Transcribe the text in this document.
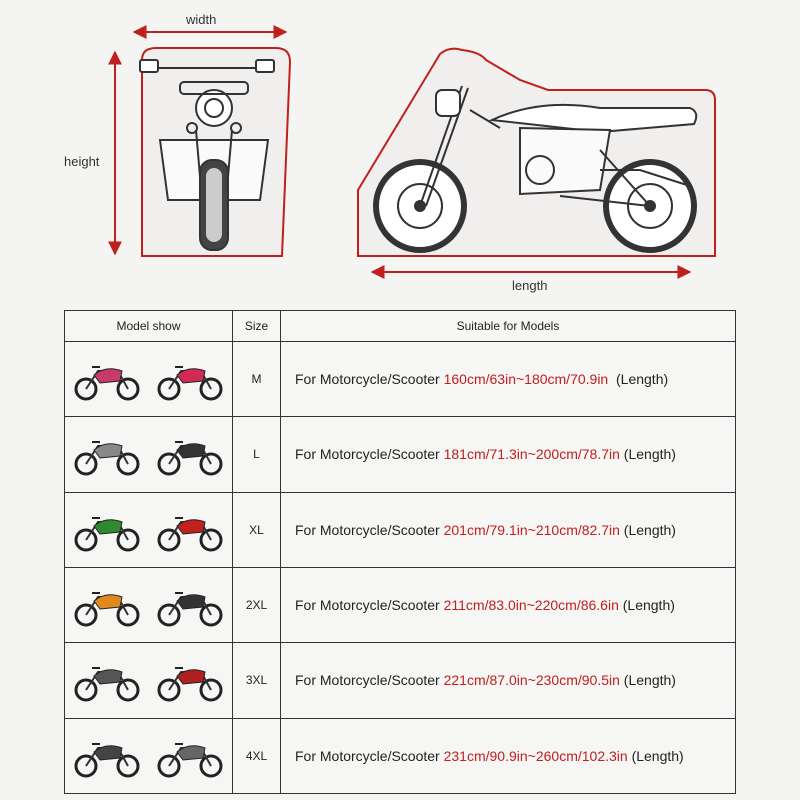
width
height
length
Model show	Size	Suitable for Models

	M	For Motorcycle/Scooter 160cm/63in~180cm/70.9in  (Length)

	L	For Motorcycle/Scooter 181cm/71.3in~200cm/78.7in (Length)

	XL	For Motorcycle/Scooter 201cm/79.1in~210cm/82.7in (Length)

	2XL	For Motorcycle/Scooter 211cm/83.0in~220cm/86.6in (Length)

	3XL	For Motorcycle/Scooter 221cm/87.0in~230cm/90.5in (Length)

	4XL	For Motorcycle/Scooter 231cm/90.9in~260cm/102.3in (Length)
